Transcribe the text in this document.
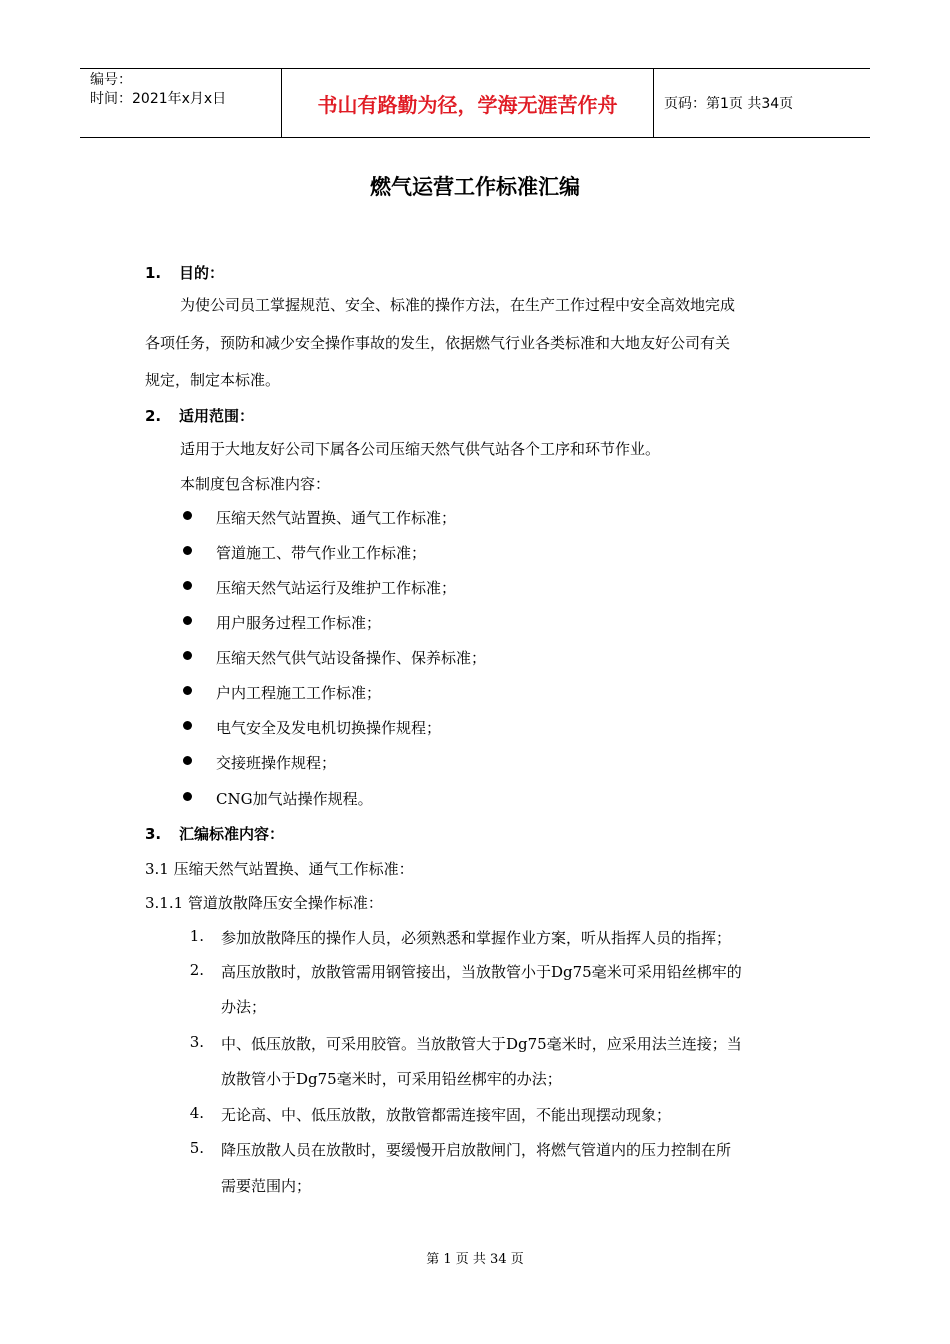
编号：
时间：2021年x月x日	书山有路勤为径，学海无涯苦作舟	页码：第1页 共34页
燃气运营工作标准汇编
1. 目的：
为使公司员工掌握规范、安全、标准的操作方法，在生产工作过程中安全高效地完成
各项任务，预防和减少安全操作事故的发生，依据燃气行业各类标准和大地友好公司有关
规定，制定本标准。
2. 适用范围：
适用于大地友好公司下属各公司压缩天然气供气站各个工序和环节作业。
本制度包含标准内容：
压缩天然气站置换、通气工作标准；
管道施工、带气作业工作标准；
压缩天然气站运行及维护工作标准；
用户服务过程工作标准；
压缩天然气供气站设备操作、保养标准；
户内工程施工工作标准；
电气安全及发电机切换操作规程；
交接班操作规程；
CNG加气站操作规程。
3. 汇编标准内容：
3.1 压缩天然气站置换、通气工作标准：
3.1.1 管道放散降压安全操作标准：
1. 参加放散降压的操作人员，必须熟悉和掌握作业方案，听从指挥人员的指挥；
2. 高压放散时，放散管需用钢管接出，当放散管小于Dg75毫米可采用铅丝梆牢的
办法；
3. 中、低压放散，可采用胶管。当放散管大于Dg75毫米时，应采用法兰连接；当
放散管小于Dg75毫米时，可采用铅丝梆牢的办法；
4. 无论高、中、低压放散，放散管都需连接牢固，不能出现摆动现象；
5. 降压放散人员在放散时，要缓慢开启放散闸门，将燃气管道内的压力控制在所
需要范围内；
第 1 页 共 34 页
